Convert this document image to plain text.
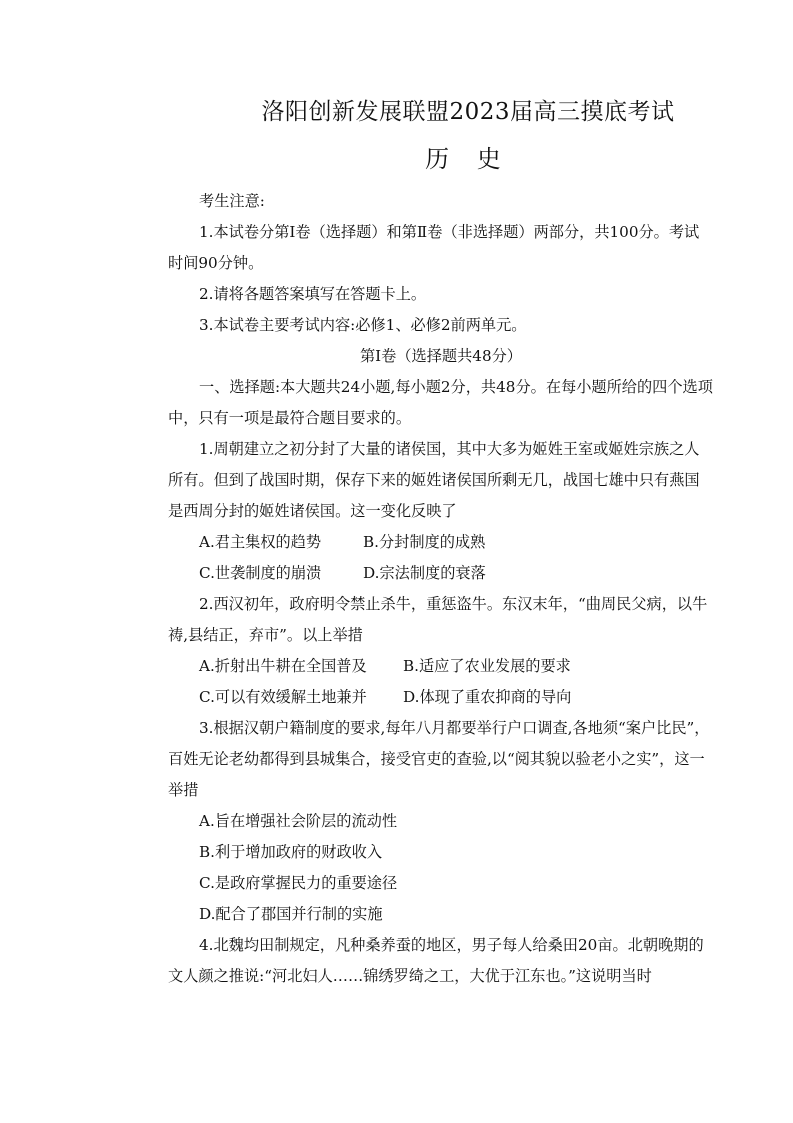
洛阳创新发展联盟2023届高三摸底考试
历 史

考生注意:

1.本试卷分第Ⅰ卷（选择题）和第Ⅱ卷（非选择题）两部分，共100分。考试时间90分钟。

2.请将各题答案填写在答题卡上。

3.本试卷主要考试内容:必修1、必修2前两单元。

第Ⅰ卷（选择题共48分）

一、选择题:本大题共24小题,每小题2分，共48分。在每小题所给的四个选项中，只有一项是最符合题目要求的。

1.周朝建立之初分封了大量的诸侯国，其中大多为姬姓王室或姬姓宗族之人所有。但到了战国时期，保存下来的姬姓诸侯国所剩无几，战国七雄中只有燕国是西周分封的姬姓诸侯国。这一变化反映了

A.君主集权的趋势	B.分封制度的成熟
C.世袭制度的崩溃	D.宗法制度的衰落

2.西汉初年，政府明令禁止杀牛，重惩盗牛。东汉末年，“曲周民父病，以牛祷,县结正，弃市”。以上举措

A.折射出牛耕在全国普及	B.适应了农业发展的要求
C.可以有效缓解土地兼并	D.体现了重农抑商的导向

3.根据汉朝户籍制度的要求,每年八月都要举行户口调查,各地须“案户比民”，百姓无论老幼都得到县城集合，接受官吏的查验,以“阅其貌以验老小之实”，这一举措

A.旨在增强社会阶层的流动性
B.利于增加政府的财政收入
C.是政府掌握民力的重要途径
D.配合了郡国并行制的实施

4.北魏均田制规定，凡种桑养蚕的地区，男子每人给桑田20亩。北朝晚期的文人颜之推说:“河北妇人……锦绣罗绮之工，大优于江东也。”这说明当时
